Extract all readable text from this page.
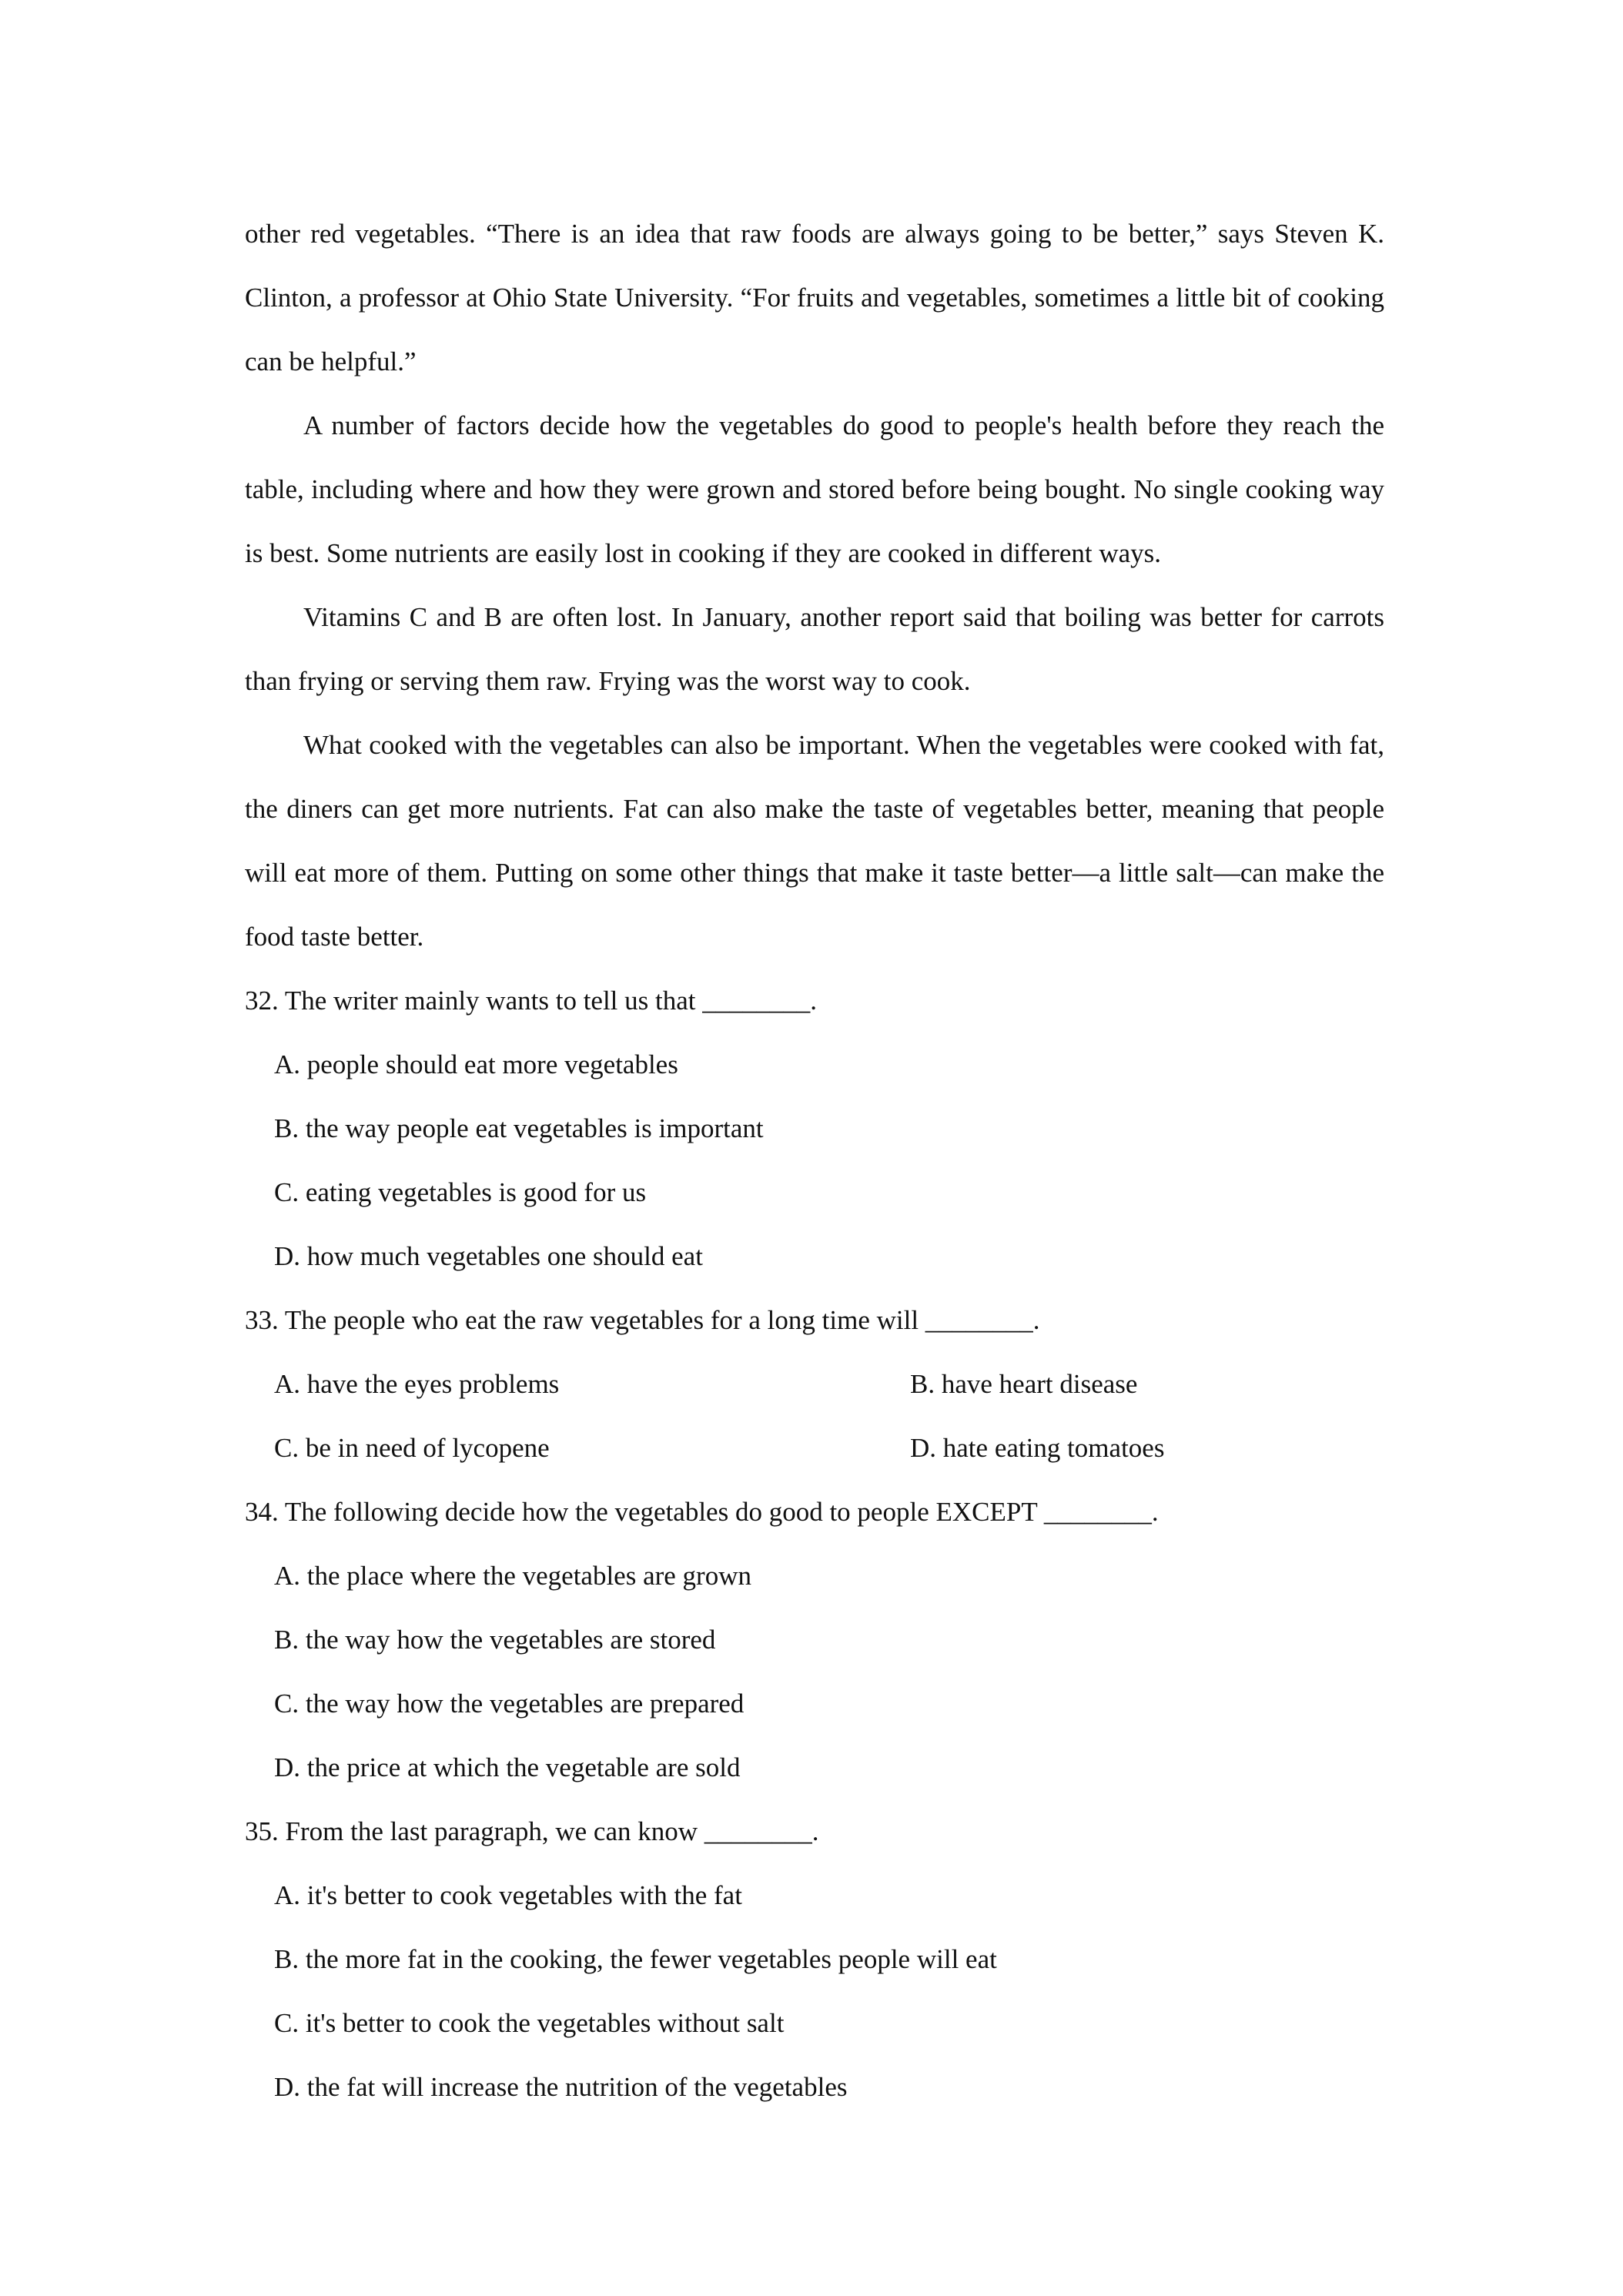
other red vegetables. “There is an idea that raw foods are always going to be better,” says Steven K. Clinton, a professor at Ohio State University. “For fruits and vegetables, sometimes a little bit of cooking can be helpful.”

A number of factors decide how the vegetables do good to people's health before they reach the table, including where and how they were grown and stored before being bought. No single cooking way is best. Some nutrients are easily lost in cooking if they are cooked in different ways.

Vitamins C and B are often lost. In January, another report said that boiling was better for carrots than frying or serving them raw. Frying was the worst way to cook.

What cooked with the vegetables can also be important. When the vegetables were cooked with fat, the diners can get more nutrients. Fat can also make the taste of vegetables better, meaning that people will eat more of them. Putting on some other things that make it taste better—a little salt—can make the food taste better.

32. The writer mainly wants to tell us that ________.

A. people should eat more vegetables

B. the way people eat vegetables is important

C. eating vegetables is good for us

D. how much vegetables one should eat

33. The people who eat the raw vegetables for a long time will ________.

A. have the eyes problems	B. have heart disease
C. be in need of lycopene	D. hate eating tomatoes

34. The following decide how the vegetables do good to people EXCEPT ________.

A. the place where the vegetables are grown

B. the way how the vegetables are stored

C. the way how the vegetables are prepared

D. the price at which the vegetable are sold

35. From the last paragraph, we can know ________.

A. it's better to cook vegetables with the fat

B. the more fat in the cooking, the fewer vegetables people will eat

C. it's better to cook the vegetables without salt

D. the fat will increase the nutrition of the vegetables
